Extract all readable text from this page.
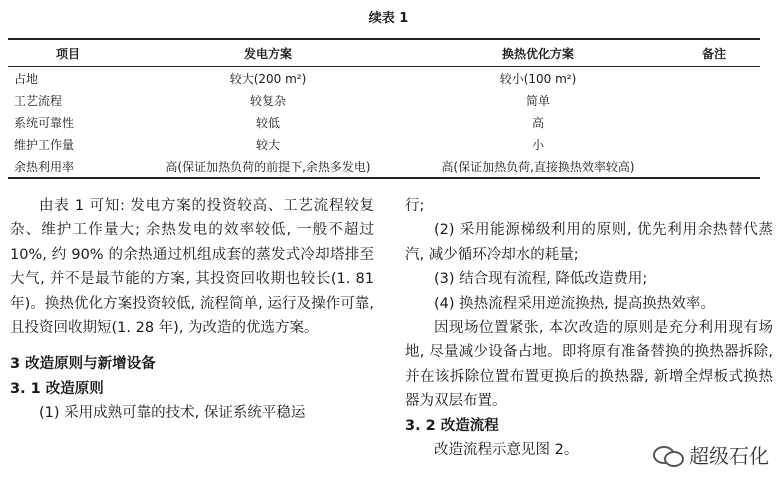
续表 1
项目	发电方案	换热优化方案	备注
占地	较大(200 m²)	较小(100 m²)	
工艺流程	较复杂	简单	
系统可靠性	较低	高	
维护工作量	较大	小	
余热利用率	高(保证加热负荷的前提下,余热多发电)	高(保证加热负荷,直接换热效率较高)	

由表 1 可知: 发电方案的投资较高、工艺流程较复杂、维护工作量大; 余热发电的效率较低, 一般不超过 10%, 约 90% 的余热通过机组成套的蒸发式冷却塔排至大气, 并不是最节能的方案, 其投资回收期也较长(1. 81 年)。换热优化方案投资较低, 流程简单, 运行及操作可靠, 且投资回收期短(1. 28 年), 为改造的优选方案。

3 改造原则与新增设备

3. 1 改造原则

(1) 采用成熟可靠的技术, 保证系统平稳运

行;

(2) 采用能源梯级利用的原则, 优先利用余热替代蒸汽, 减少循环冷却水的耗量;

(3) 结合现有流程, 降低改造费用;

(4) 换热流程采用逆流换热, 提高换热效率。

因现场位置紧张, 本次改造的原则是充分利用现有场地, 尽量减少设备占地。即将原有准备替换的换热器拆除, 并在该拆除位置布置更换后的换热器, 新增全焊板式换热器为双层布置。

3. 2 改造流程

改造流程示意见图 2。	超级石化
